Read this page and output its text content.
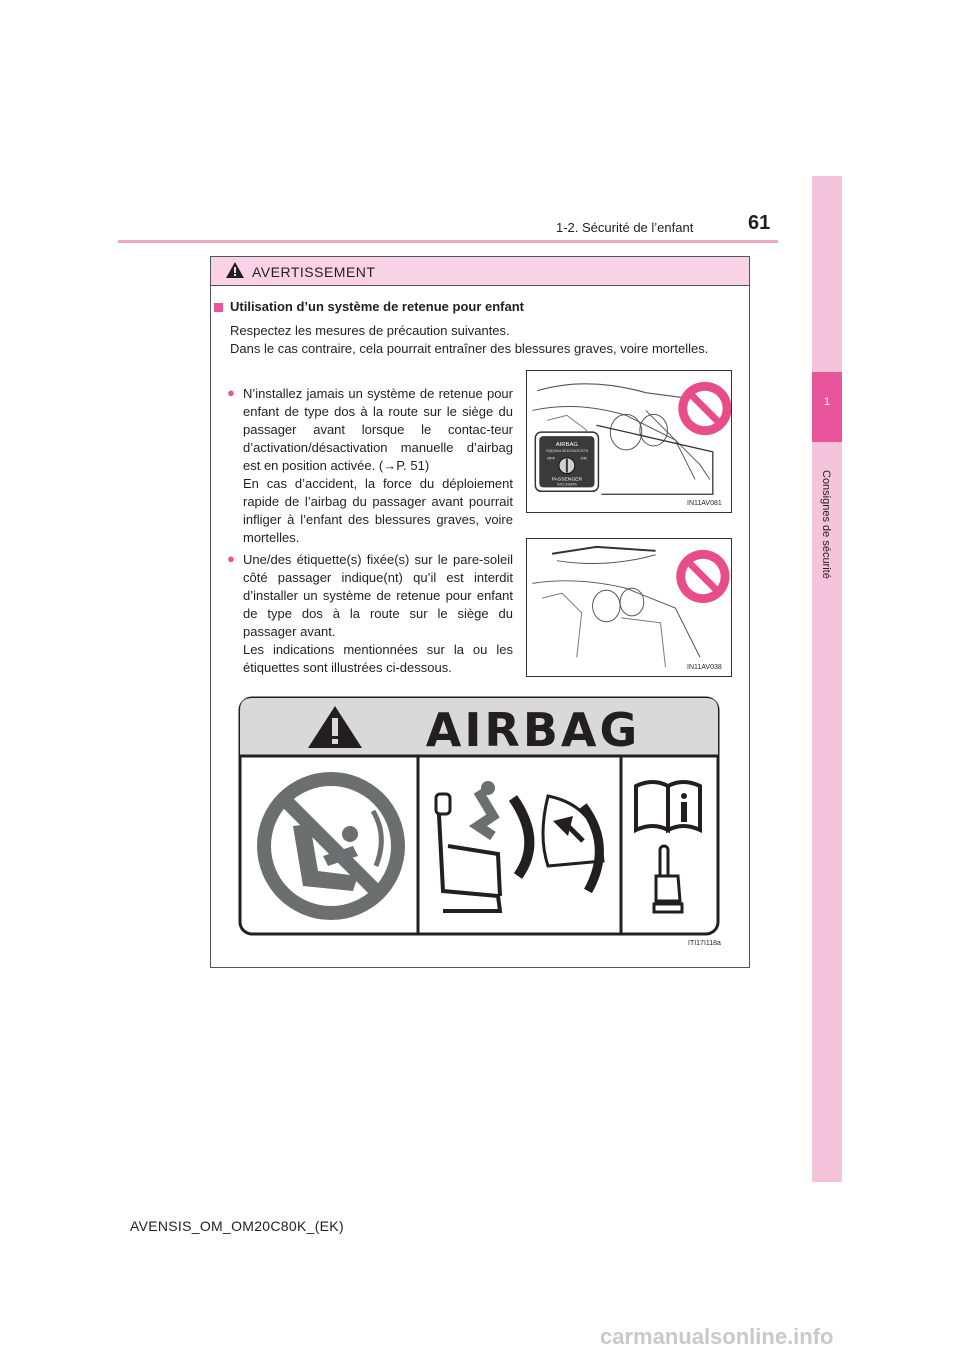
1-2. Sécurité de l’enfant	61
1
Consignes de sécurité
AVERTISSEMENT
Utilisation d’un système de retenue pour enfant
Respectez les mesures de précaution suivantes.
Dans le cas contraire, cela pourrait entraîner des blessures graves, voire mortelles.
● N’installez jamais un système de retenue pour enfant de type dos à la route sur le siège du passager avant lorsque le contac-teur d’activation/désactivation manuelle d’airbag est en position activée. (→P. 51)
En cas d’accident, la force du déploiement rapide de l’airbag du passager avant pourrait infliger à l’enfant des blessures graves, voire mortelles.
AIRBAG
ПОДУШКА БЕЗОПАСНОСТИ
OFF	ON
PASSENGER
ПАССАЖИРА
IN11AV081
● Une/des étiquette(s) fixée(s) sur le pare-soleil côté passager indique(nt) qu’il est interdit d’installer un système de retenue pour enfant de type dos à la route sur le siège du passager avant.
Les indications mentionnées sur la ou les étiquettes sont illustrées ci-dessous.	IN11AV038
AIRBAG
ITI17I118a
AVENSIS_OM_OM20C80K_(EK)
carmanualsonline.info
